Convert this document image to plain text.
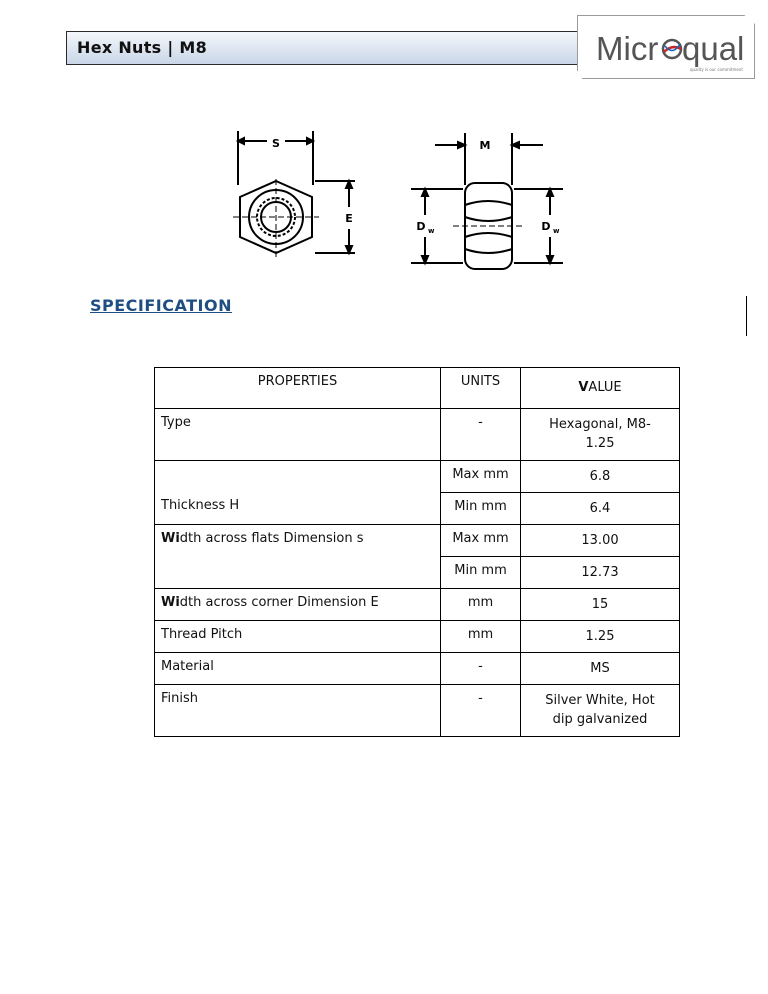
Hex Nuts | M8	Micr qual
quality is our commitment
S
E
M
D w	D w
SPECIFICATION
PROPERTIES	UNITS	VALUE
Type	-	Hexagonal, M8-1.25

Thickness H	Max mm	6.8
	Min mm	6.4
Width across flats Dimension s	Max mm	13.00
	Min mm	12.73
Width across corner Dimension E	mm	15
Thread Pitch	mm	1.25
Material	-	MS
Finish	-	Silver White, Hot
dip galvanized
